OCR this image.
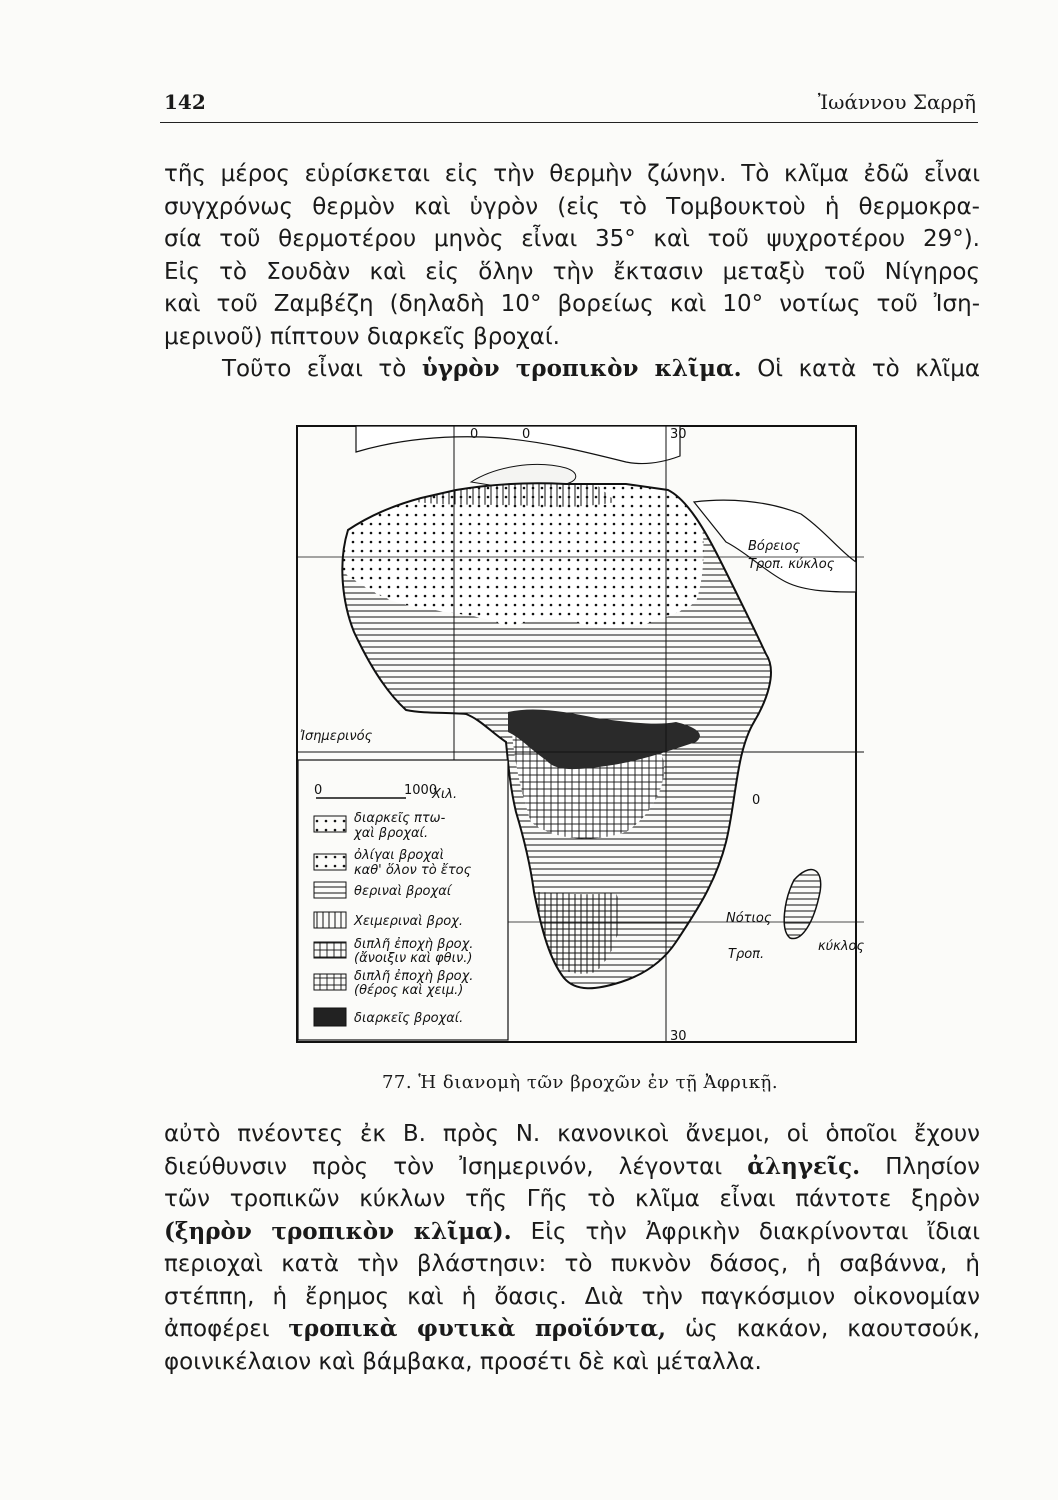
142	Ἰωάννου Σαρρῆ
τῆς μέρος εὑρίσκεται εἰς τὴν θερμὴν ζώνην. Τὸ κλῖμα ἐδῶ εἶναι
συγχρόνως θερμὸν καὶ ὑγρὸν (εἰς τὸ Τομβουκτοὺ ἡ θερμοκρα-
σία τοῦ θερμοτέρου μηνὸς εἶναι 35° καὶ τοῦ ψυχροτέρου 29°).
Εἰς τὸ Σουδὰν καὶ εἰς ὅλην τὴν ἔκτασιν μεταξὺ τοῦ Νίγηρος
καὶ τοῦ Ζαμβέζη (δηλαδὴ 10° βορείως καὶ 10° νοτίως τοῦ Ἰση-
μερινοῦ) πίπτουν διαρκεῖς βροχαί.
Τοῦτο εἶναι τὸ ὑγρὸν τροπικὸν κλῖμα. Οἱ κατὰ τὸ κλῖμα
Βόρειος
Τροπ. κύκλος
Ἰσημερινός
Νότιος
Τροπ.
κύκλος
0	30
30
0
0
0	1000
Χιλ.
διαρκεῖς πτω-
χαὶ βροχαί.
ὀλίγαι βροχαὶ
καθ' ὅλον τὸ ἔτος
θεριναὶ βροχαί
Χειμεριναὶ βροχ.
διπλῆ ἐποχὴ βροχ.
(ἄνοιξιν καὶ φθιν.)
διπλῆ ἐποχὴ βροχ.
(θέρος καὶ χειμ.)
διαρκεῖς βροχαί.
77. Ἡ διανομὴ τῶν βροχῶν ἐν τῇ Ἀφρικῇ.
αὐτὸ πνέοντες ἐκ Β. πρὸς Ν. κανονικοὶ ἄνεμοι, οἱ ὁποῖοι ἔχουν
διεύθυνσιν πρὸς τὸν Ἰσημερινόν, λέγονται ἀληγεῖς. Πλησίον
τῶν τροπικῶν κύκλων τῆς Γῆς τὸ κλῖμα εἶναι πάντοτε ξηρὸν
(ξηρὸν τροπικὸν κλῖμα). Εἰς τὴν Ἀφρικὴν διακρίνονται ἴδιαι
περιοχαὶ κατὰ τὴν βλάστησιν: τὸ πυκνὸν δάσος, ἡ σαβάννα, ἡ
στέππη, ἡ ἔρημος καὶ ἡ ὄασις. Διὰ τὴν παγκόσμιον οἰκονομίαν
ἀποφέρει τροπικὰ φυτικὰ προϊόντα, ὡς κακάον, καουτσούκ,
φοινικέλαιον καὶ βάμβακα, προσέτι δὲ καὶ μέταλλα.
